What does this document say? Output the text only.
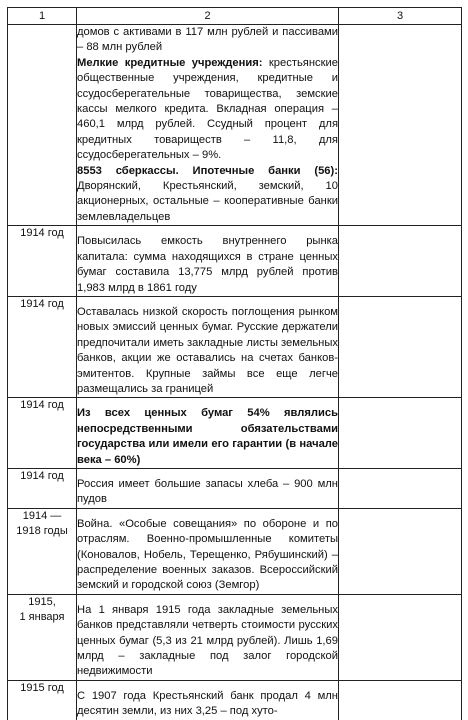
1	2	3

	домов с активами в 117 млн рублей и пассивами – 88 млн рублей

Мелкие кредитные учреждения: крестьянские общественные учреждения, кредитные и ссудосберегательные товарищества, земские кассы мелкого кредита. Вкладная операция – 460,1 млрд рублей. Ссудный процент для кредитных товариществ – 11,8, для ссудосберегательных – 9%.

8553 сберкассы. Ипотечные банки (56): Дворянский, Крестьянский, земский, 10 акционерных, остальные – кооперативные банки землевладельцев	

1914 год	Повысилась емкость внутреннего рынка капитала: сумма находящихся в стране ценных бумаг составила 13,775 млрд рублей против 1,983 млрд в 1861 году	

1914 год	Оставалась низкой скорость поглощения рынком новых эмиссий ценных бумаг. Русские держатели предпочитали иметь закладные листы земельных банков, акции же оставались на счетах банков-эмитентов. Крупные займы все еще легче размещались за границей	

1914 год	Из всех ценных бумаг 54% являлись непосредственными обязательствами государства или имели его гарантии (в начале века – 60%)	

1914 год	Россия имеет большие запасы хлеба – 900 млн пудов	

1914 —
1918 годы	Война. «Особые совещания» по обороне и по отраслям. Военно-промышленные комитеты (Коновалов, Нобель, Терещенко, Рябушинский) – распределение военных заказов. Всероссийский земский и городской союз (Земгор)	

1915,
1 января	На 1 января 1915 года закладные земельных банков представляли четверть стоимости русских ценных бумаг (5,3 из 21 млрд рублей). Лишь 1,69 млрд – закладные под залог городской недвижимости	

1915 год	С 1907 года Крестьянский банк продал 4 млн десятин земли, из них 3,25 – под хуто-	
